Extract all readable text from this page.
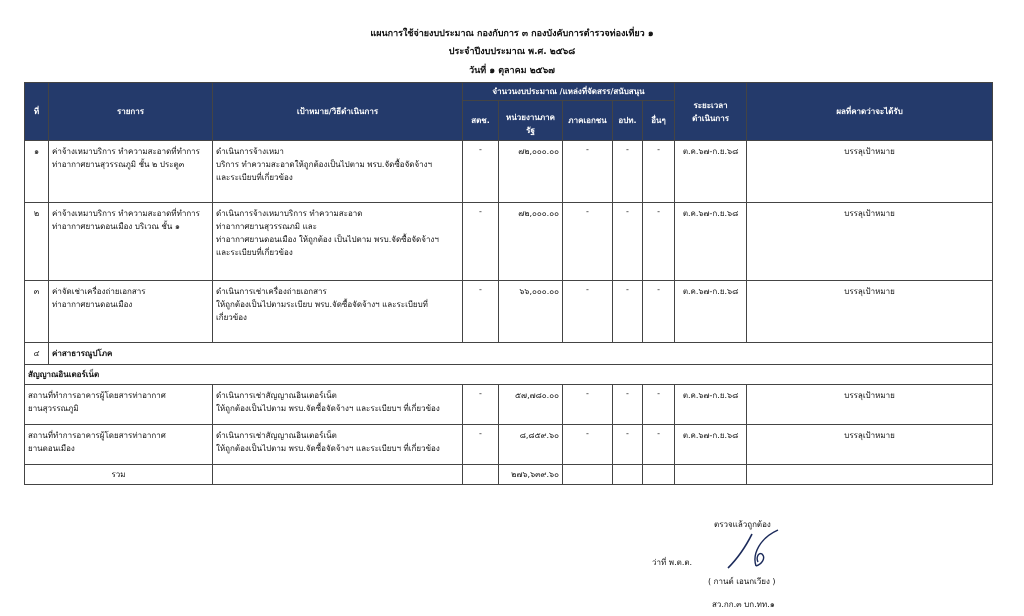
แผนการใช้จ่ายงบประมาณ กองกับการ ๓ กองบังคับการตำรวจท่องเที่ยว ๑
ประจำปีงบประมาณ พ.ศ. ๒๕๖๘
วันที่ ๑ ตุลาคม ๒๕๖๗
ที่	รายการ	เป้าหมาย/วิธีดำเนินการ	จำนวนงบประมาณ /แหล่งที่จัดสรร/สนับสนุน					ระยะเวลา
ดำเนินการ	ผลที่คาดว่าจะได้รับ
			สตช.	หน่วยงานภาครัฐ	ภาคเอกชน	อปท.	อื่นๆ		
๑	ค่าจ้างเหมาบริการ ทำความสะอาดที่ทำการ
ท่าอากาศยานสุวรรณภูมิ ชั้น ๒ ประตู๓	ดำเนินการจ้างเหมา
บริการ ทำความสะอาดให้ถูกต้องเป็นไปตาม พรบ.จัดซื้อจัดจ้างฯ
และระเบียบที่เกี่ยวข้อง	-	๗๒,๐๐๐.๐๐	-	-	-	ต.ค.๖๗-ก.ย.๖๘	บรรลุเป้าหมาย
๒	ค่าจ้างเหมาบริการ ทำความสะอาดที่ทำการ
ท่าอากาศยานดอนเมือง บริเวณ ชั้น ๑	ดำเนินการจ้างเหมาบริการ ทำความสะอาด
ท่าอากาศยานสุวรรณภมิ และ
ท่าอากาศยานดอนเมือง ให้ถูกต้อง เป็นไปตาม พรบ.จัดซื้อจัดจ้างฯ
และระเบียบที่เกี่ยวข้อง	-	๗๒,๐๐๐.๐๐	-	-	-	ต.ค.๖๗-ก.ย.๖๘	บรรลุเป้าหมาย
๓	ค่าจัดเช่าเครื่องถ่ายเอกสาร
ท่าอากาศยานดอนเมือง	ดำเนินการเช่าเครื่องถ่ายเอกสาร
ให้ถูกต้องเป็นไปตามระเบียบ พรบ.จัดซื้อจัดจ้างฯ และระเบียบที่
เกี่ยวข้อง	-	๖๖,๐๐๐.๐๐	-	-	-	ต.ค.๖๗-ก.ย.๖๘	บรรลุเป้าหมาย
๔	ค่าสาธารณูปโภค								
สัญญาณอินเตอร์เน็ต									

สถานที่ทำการอาคารผู้โดยสารท่าอากาศ
ยานสุวรรณภูมิ		ดำเนินการเช่าสัญญาณอินเตอร์เน็ต
ให้ถูกต้องเป็นไปตาม พรบ.จัดซื้อจัดจ้างฯ และระเบียบฯ ที่เกี่ยวข้อง	-	๕๗,๗๘๐.๐๐	-	-	-	ต.ค.๖๗-ก.ย.๖๘	บรรลุเป้าหมาย

สถานที่ทำการอาคารผู้โดยสารท่าอากาศ
ยานดอนเมือง		ดำเนินการเช่าสัญญาณอินเตอร์เน็ต
ให้ถูกต้องเป็นไปตาม พรบ.จัดซื้อจัดจ้างฯ และระเบียบฯ ที่เกี่ยวข้อง	-	๘,๘๕๙.๖๐	-	-	-	ต.ค.๖๗-ก.ย.๖๘	บรรลุเป้าหมาย
รวม				๒๗๖,๖๓๙.๖๐					
ตรวจแล้วถูกต้อง
ว่าที่ พ.ต.ต.
( กานต์ เอนกเวียง )
สว.กก.๓ บก.ทท.๑
